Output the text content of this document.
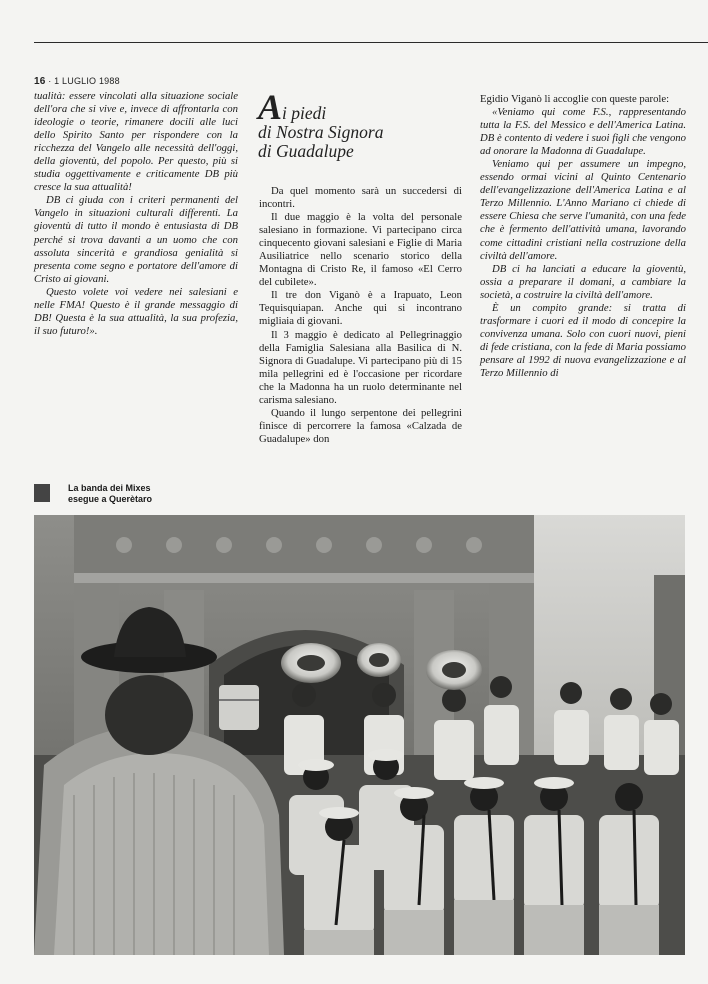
16 · 1 LUGLIO 1988

tualità: essere vincolati alla situazione sociale dell'ora che si vive e, invece di affrontarla con ideologie o teorie, rimanere docili alle luci dello Spirito Santo per rispondere con la ricchezza del Vangelo alle necessità dell'oggi, della gioventù, del popolo. Per questo, più si studia oggettivamente e criticamente DB più cresce la sua attualità!

DB ci giuda con i criteri permanenti del Vangelo in situazioni culturali differenti. La gioventù di tutto il mondo è entusiasta di DB perché si trova davanti a un uomo che con assoluta sincerità e grandiosa genialità si presenta come segno e portatore dell'amore di Cristo ai giovani.

Questo volete voi vedere nei salesiani e nelle FMA! Questo è il grande messaggio di DB! Questa è la sua attualità, la sua profezia, il suo futuro!».

Ai piedi
di Nostra Signora
di Guadalupe

Da quel momento sarà un succedersi di incontri.

Il due maggio è la volta del personale salesiano in formazione. Vi partecipano circa cinquecento giovani salesiani e Figlie di Maria Ausiliatrice nello scenario storico della Montagna di Cristo Re, il famoso «El Cerro del cubilete».

Il tre don Viganò è a Irapuato, Leon Tequisquiapan. Anche qui si incontrano migliaia di giovani.

Il 3 maggio è dedicato al Pellegrinaggio della Famiglia Salesiana alla Basilica di N. Signora di Guadalupe. Vi partecipano più di 15 mila pellegrini ed è l'occasione per ricordare che la Madonna ha un ruolo determinante nel carisma salesiano.

Quando il lungo serpentone dei pellegrini finisce di percorrere la famosa «Calzada de Guadalupe» don

Egidio Viganò li accoglie con queste parole:

«Veniamo qui come F.S., rappresentando tutta la F.S. del Messico e dell'America Latina. DB è contento di vedere i suoi figli che vengono ad onorare la Madonna di Guadalupe.

Veniamo qui per assumere un impegno, essendo ormai vicini al Quinto Centenario dell'evangelizzazione dell'America Latina e al Terzo Millennio. L'Anno Mariano ci chiede di essere Chiesa che serve l'umanità, con una fede che è fermento dell'attività umana, lavorando come cittadini cristiani nella costruzione della civiltà dell'amore.

DB ci ha lanciati a educare la gioventù, ossia a preparare il domani, a cambiare la società, a costruire la civiltà dell'amore.

È un compito grande: si tratta di trasformare i cuori ed il modo di concepire la convivenza umana. Solo con cuori nuovi, pieni di fede cristiana, con la fede di Maria possiamo pensare al 1992 di nuova evangelizzazione e al Terzo Millennio di

La banda dei Mixes
esegue a Querètaro
